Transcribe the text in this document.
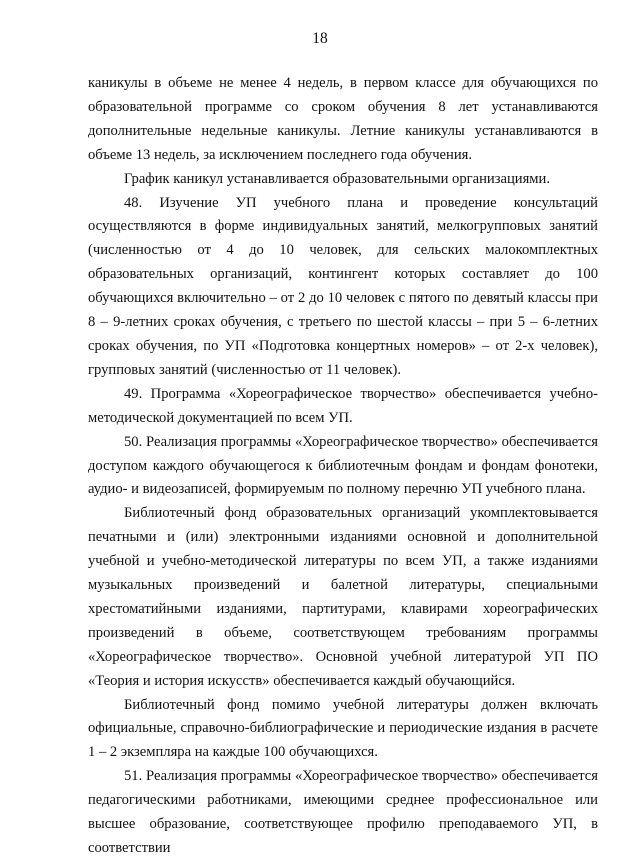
18

каникулы в объеме не менее 4 недель, в первом классе для обучающихся по образовательной программе со сроком обучения 8 лет устанавливаются дополнительные недельные каникулы. Летние каникулы устанавливаются в объеме 13 недель, за исключением последнего года обучения.

График каникул устанавливается образовательными организациями.

48. Изучение УП учебного плана и проведение консультаций осуществляются в форме индивидуальных занятий, мелкогрупповых занятий (численностью от 4 до 10 человек, для сельских малокомплектных образовательных организаций, контингент которых составляет до 100 обучающихся включительно – от 2 до 10 человек с пятого по девятый классы при 8 – 9-летних сроках обучения, с третьего по шестой классы – при 5 – 6-летних сроках обучения, по УП «Подготовка концертных номеров» – от 2-х человек), групповых занятий (численностью от 11 человек).

49. Программа «Хореографическое творчество» обеспечивается учебно-методической документацией по всем УП.

50. Реализация программы «Хореографическое творчество» обеспечивается доступом каждого обучающегося к библиотечным фондам и фондам фонотеки, аудио- и видеозаписей, формируемым по полному перечню УП учебного плана.

Библиотечный фонд образовательных организаций укомплектовывается печатными и (или) электронными изданиями основной и дополнительной учебной и учебно-методической литературы по всем УП, а также изданиями музыкальных произведений и балетной литературы, специальными хрестоматийными изданиями, партитурами, клавирами хореографических произведений в объеме, соответствующем требованиям программы «Хореографическое творчество». Основной учебной литературой УП ПО «Теория и история искусств» обеспечивается каждый обучающийся.

Библиотечный фонд помимо учебной литературы должен включать официальные, справочно-библиографические и периодические издания в расчете 1 – 2 экземпляра на каждые 100 обучающихся.

51. Реализация программы «Хореографическое творчество» обеспечивается педагогическими работниками, имеющими среднее профессиональное или высшее образование, соответствующее профилю преподаваемого УП, в соответствии
